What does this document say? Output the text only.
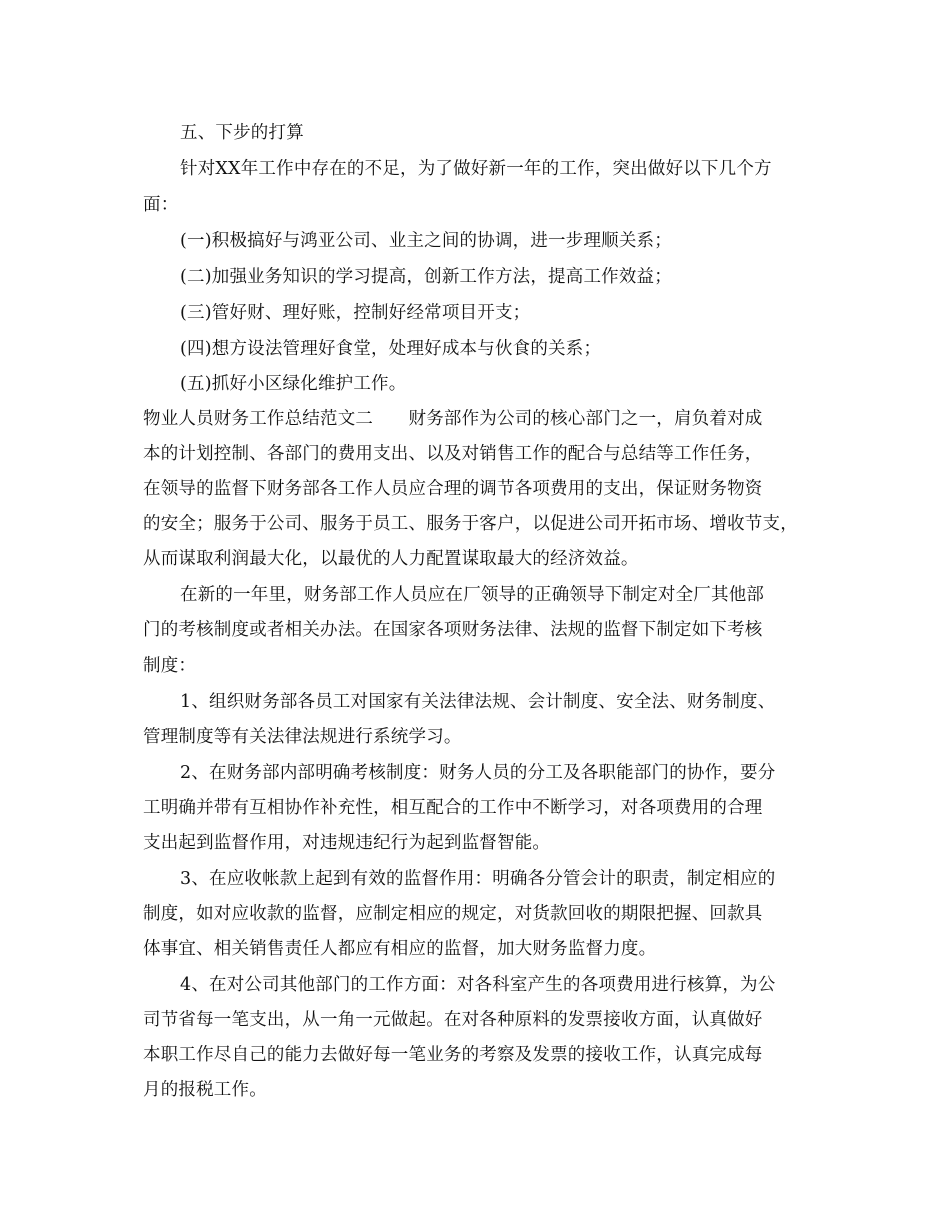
五、下步的打算
针对XX年工作中存在的不足，为了做好新一年的工作，突出做好以下几个方
面：
(一)积极搞好与鸿亚公司、业主之间的协调，进一步理顺关系；
(二)加强业务知识的学习提高，创新工作方法，提高工作效益；
(三)管好财、理好账，控制好经常项目开支；
(四)想方设法管理好食堂，处理好成本与伙食的关系；
(五)抓好小区绿化维护工作。
物业人员财务工作总结范文二　　财务部作为公司的核心部门之一，肩负着对成
本的计划控制、各部门的费用支出、以及对销售工作的配合与总结等工作任务，
在领导的监督下财务部各工作人员应合理的调节各项费用的支出，保证财务物资
的安全；服务于公司、服务于员工、服务于客户，以促进公司开拓市场、增收节支，
从而谋取利润最大化，以最优的人力配置谋取最大的经济效益。
在新的一年里，财务部工作人员应在厂领导的正确领导下制定对全厂其他部
门的考核制度或者相关办法。在国家各项财务法律、法规的监督下制定如下考核
制度：
1、组织财务部各员工对国家有关法律法规、会计制度、安全法、财务制度、
管理制度等有关法律法规进行系统学习。
2、在财务部内部明确考核制度：财务人员的分工及各职能部门的协作，要分
工明确并带有互相协作补充性，相互配合的工作中不断学习，对各项费用的合理
支出起到监督作用，对违规违纪行为起到监督智能。
3、在应收帐款上起到有效的监督作用：明确各分管会计的职责，制定相应的
制度，如对应收款的监督，应制定相应的规定，对货款回收的期限把握、回款具
体事宜、相关销售责任人都应有相应的监督，加大财务监督力度。
4、在对公司其他部门的工作方面：对各科室产生的各项费用进行核算，为公
司节省每一笔支出，从一角一元做起。在对各种原料的发票接收方面，认真做好
本职工作尽自己的能力去做好每一笔业务的考察及发票的接收工作，认真完成每
月的报税工作。
